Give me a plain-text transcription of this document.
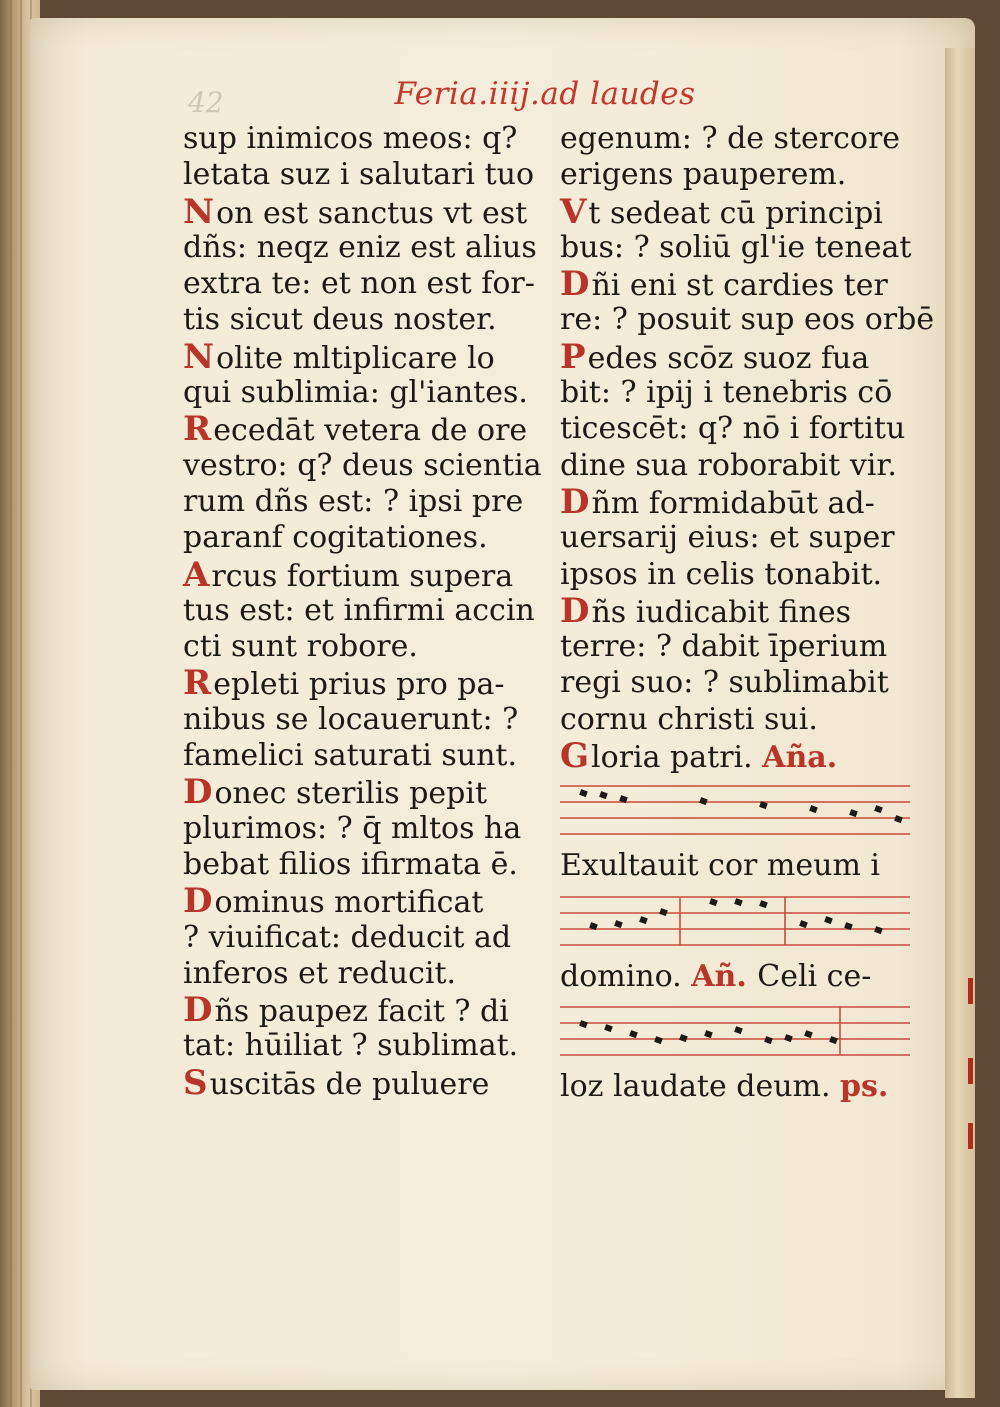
42	Feria.iiij.ad laudes
sup inimicos meos: q?
letata suz i salutari tuo
Non est sanctus vt est
dñs: neqz eniz est alius
extra te: et non est for-
tis sicut deus noster.
Nolite mltiplicare lo
qui sublimia: gl'iantes.
Recedāt vetera de ore
vestro: q? deus scientia
rum dñs est: ? ipsi pre
paranf cogitationes.
Arcus fortium supera
tus est: et infirmi accin
cti sunt robore.
Repleti prius pro pa-
nibus se locauerunt: ?
famelici saturati sunt.
Donec sterilis pepit
plurimos: ? q̄ mltos ha
bebat filios ifirmata ē.
Dominus mortificat
? viuificat: deducit ad
inferos et reducit.
Dñs paupez facit ? di
tat: hūiliat ? sublimat.
Suscitās de puluere
egenum: ? de stercore
erigens pauperem.
Vt sedeat cū principi
bus: ? soliū gl'ie teneat
Dñi eni st cardies ter
re: ? posuit sup eos orbē
Pedes scōz suoz fua
bit: ? ipij i tenebris cō
ticescēt: q? nō i fortitu
dine sua roborabit vir.
Dñm formidabūt ad-
uersarij eius: et super
ipsos in celis tonabit.
Dñs iudicabit fines
terre: ? dabit īperium
regi suo: ? sublimabit
cornu christi sui.
Gloria patri. Aña.
Exultauit cor meum i
domino. Añ. Celi ce-
loz laudate deum. ps.
